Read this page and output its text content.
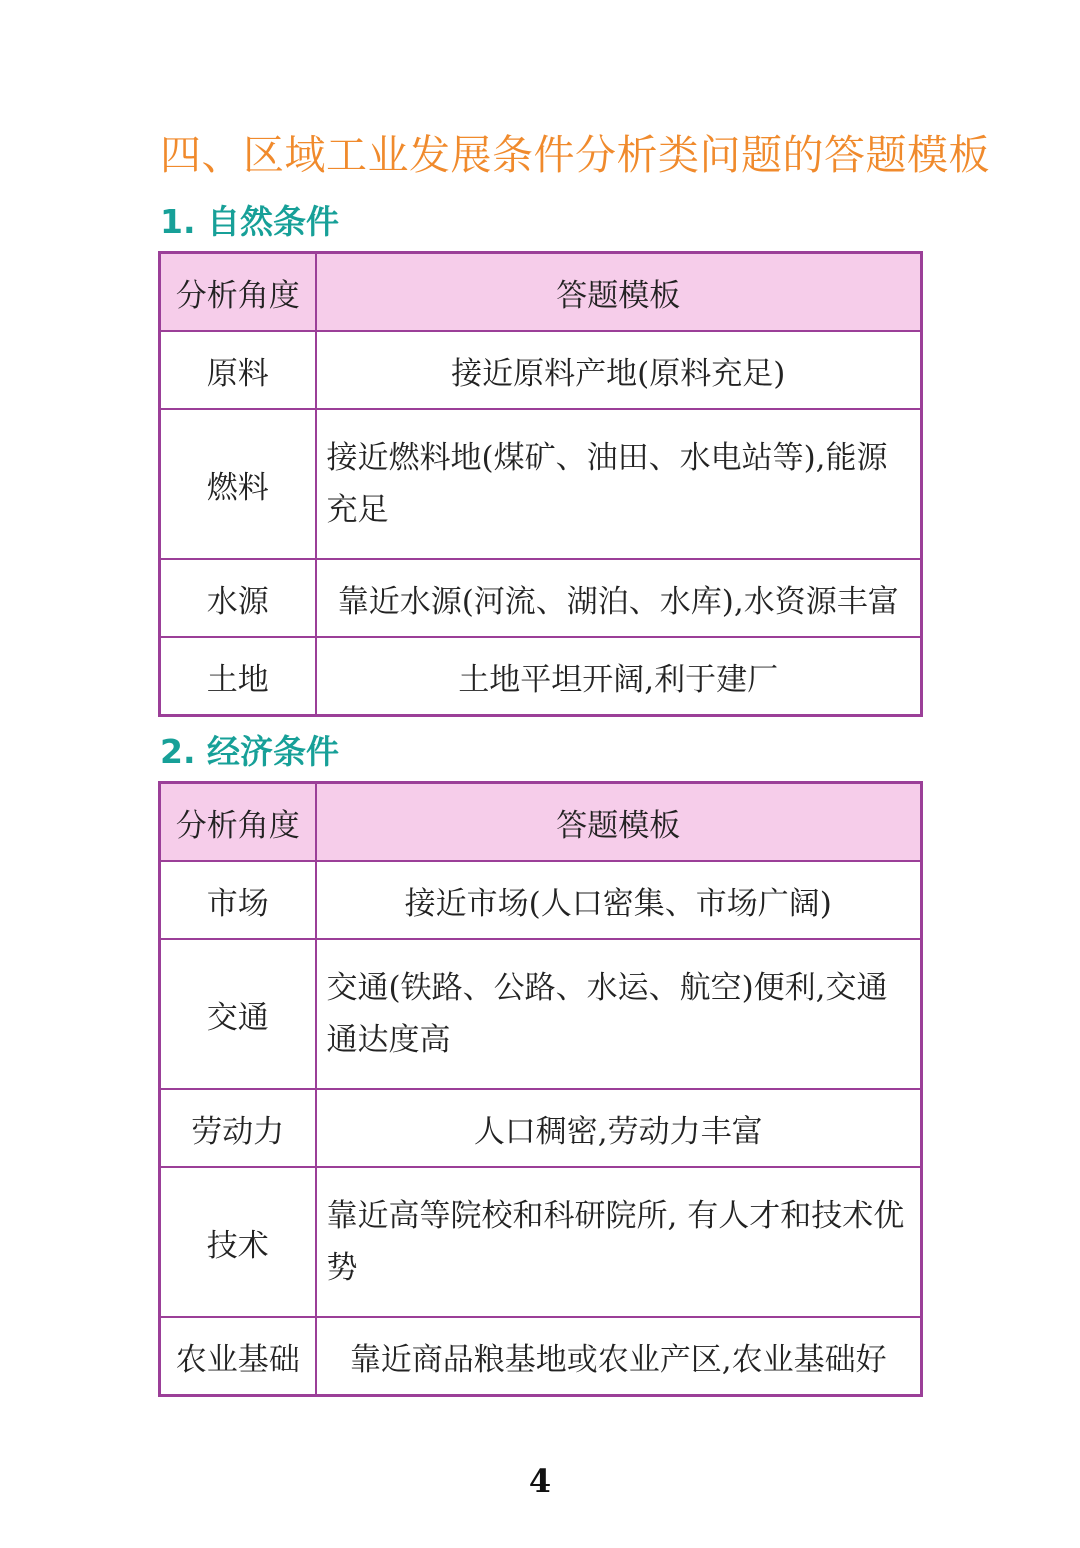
四、区域工业发展条件分析类问题的答题模板
1. 自然条件
分析角度	答题模板
原料	接近原料产地(原料充足)
燃料	接近燃料地(煤矿、油田、水电站等),能源充足
水源	靠近水源(河流、湖泊、水库),水资源丰富
土地	土地平坦开阔,利于建厂
2. 经济条件
分析角度	答题模板
市场	接近市场(人口密集、市场广阔)
交通	交通(铁路、公路、水运、航空)便利,交通通达度高
劳动力	人口稠密,劳动力丰富
技术	靠近高等院校和科研院所, 有人才和技术优势
农业基础	靠近商品粮基地或农业产区,农业基础好
4
